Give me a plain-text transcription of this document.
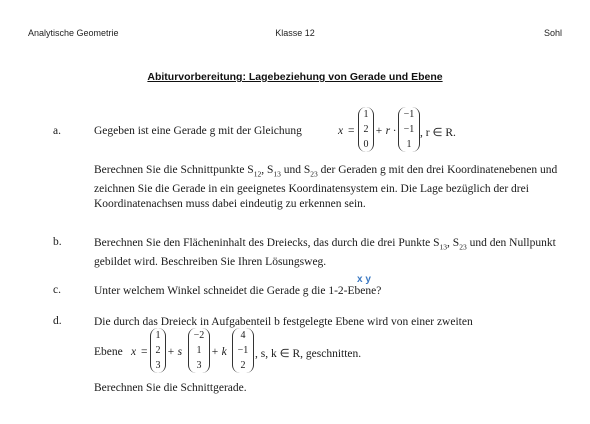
Analytische Geometrie	Klasse 12	Sohl
Abiturvorbereitung: Lagebeziehung von Gerade und Ebene
a.	Gegeben ist eine Gerade g mit der Gleichung	x =
1
2
0
+ r ·
−1
−1
1
, r ∈ R.
Berechnen Sie die Schnittpunkte $S_{12}$, $S_{13}$ und $S_{23}$ der Geraden g mit den drei Koordinatenebenen und zeichnen Sie die Gerade in ein geeignetes Koordinatensystem ein. Die Lage bezüglich der drei Koordinatenachsen muss dabei eindeutig zu erkennen sein.
b.	Berechnen Sie den Flächeninhalt des Dreiecks, das durch die drei Punkte $S_{13}$, $S_{23}$ und den Nullpunkt gebildet wird. Beschreiben Sie Ihren Lösungsweg.
x y
c.	Unter welchem Winkel schneidet die Gerade g die 1-2-Ebene?
d.	Die durch das Dreieck in Aufgabenteil b festgelegte Ebene wird von einer zweiten
Ebene x =
1
2
3
+ s
−2
1
3
+ k
4
−1
2
, s, k ∈ R, geschnitten.
Berechnen Sie die Schnittgerade.
